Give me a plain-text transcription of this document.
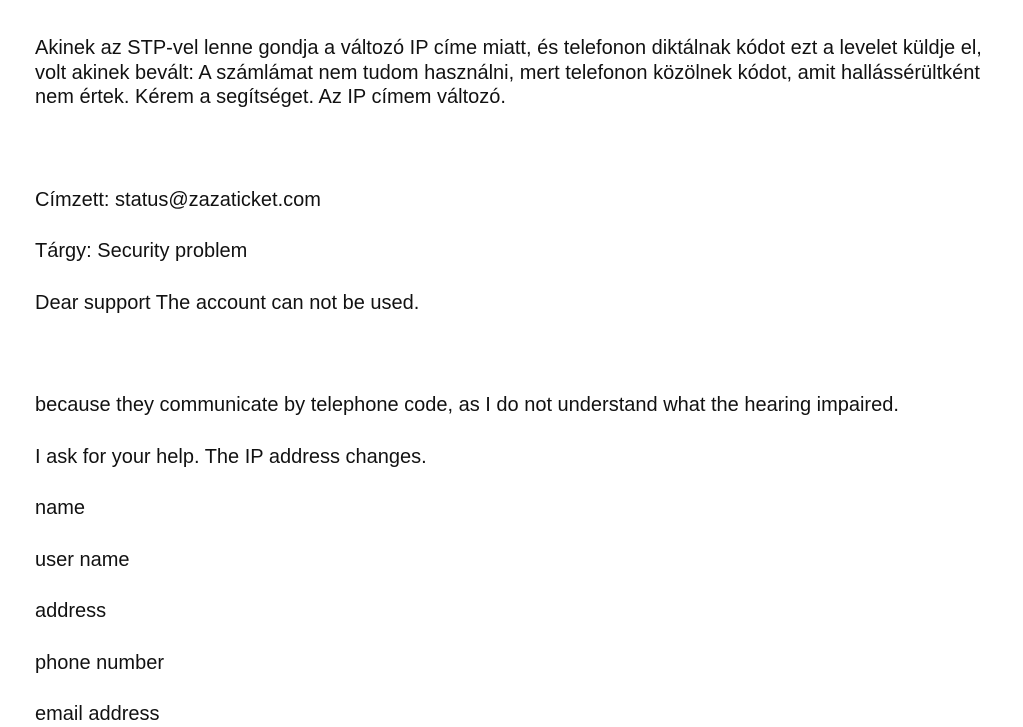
Akinek az STP-vel lenne gondja a változó IP címe miatt, és telefonon diktálnak kódot ezt a levelet küldje el, volt akinek bevált: A számlámat nem tudom használni, mert telefonon közölnek kódot, amit hallássérültként nem értek. Kérem a segítséget. Az IP címem változó.

Címzett: status@zazaticket.com

Tárgy: Security problem

Dear support The account can not be used.

because they communicate by telephone code, as I do not understand what the hearing impaired.

I ask for your help. The IP address changes.

name

user name

address

phone number

email address
